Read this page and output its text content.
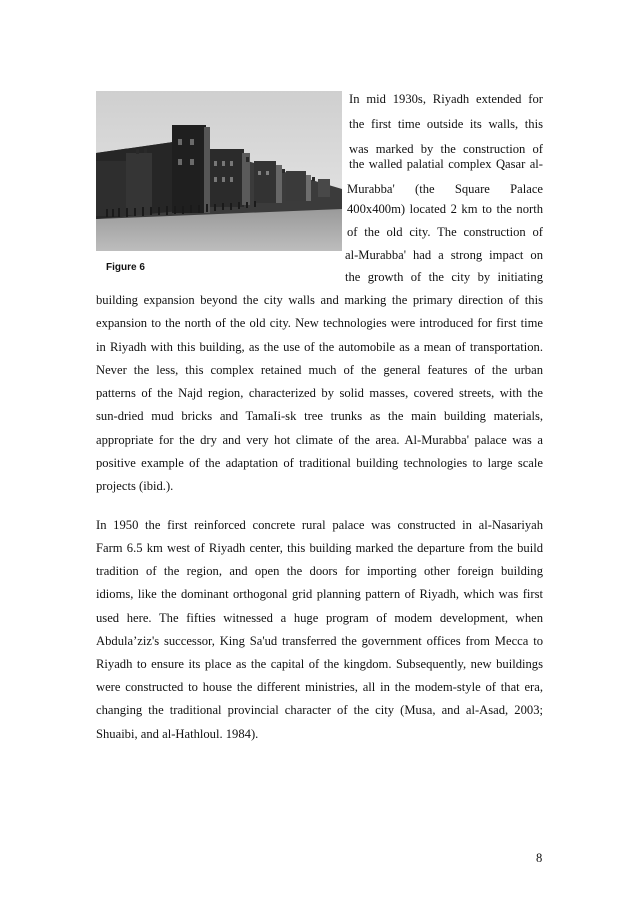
Figure 6
In mid 1930s, Riyadh extended for
the first time outside its walls, this
was marked by the construction of
the walled palatial complex Qasar al-
Murabba' (the Square Palace
400x400m) located 2 km to the north
of the old city. The construction of
al-Murabba' had a strong impact on
the growth of the city by initiating
building expansion beyond the city walls and marking the primary direction of this
expansion to the north of the old city. New technologies were introduced for first time
in Riyadh with this building, as the use of the automobile as a mean of transportation.
Never the less, this complex retained much of the general features of the urban
patterns of the Najd region, characterized by solid masses, covered streets, with the
sun-dried mud bricks and TamaIi-sk tree trunks as the main building materials,
appropriate for the dry and very hot climate of the area. Al-Murabba' palace was a
positive example of the adaptation of traditional building technologies to large scale
projects (ibid.).
In 1950 the first reinforced concrete rural palace was constructed in al-Nasariyah
Farm 6.5 km west of Riyadh center, this building marked the departure from the build
tradition of the region, and open the doors for importing other foreign building
idioms, like the dominant orthogonal grid planning pattern of Riyadh, which was first
used here. The fifties witnessed a huge program of modem development, when
Abdula’ziz's successor, King Sa'ud transferred the government offices from Mecca to
Riyadh to ensure its place as the capital of the kingdom. Subsequently, new buildings
were constructed to house the different ministries, all in the modem-style of that era,
changing the traditional provincial character of the city (Musa, and al-Asad, 2003;
Shuaibi, and al-Hathloul. 1984).
8
